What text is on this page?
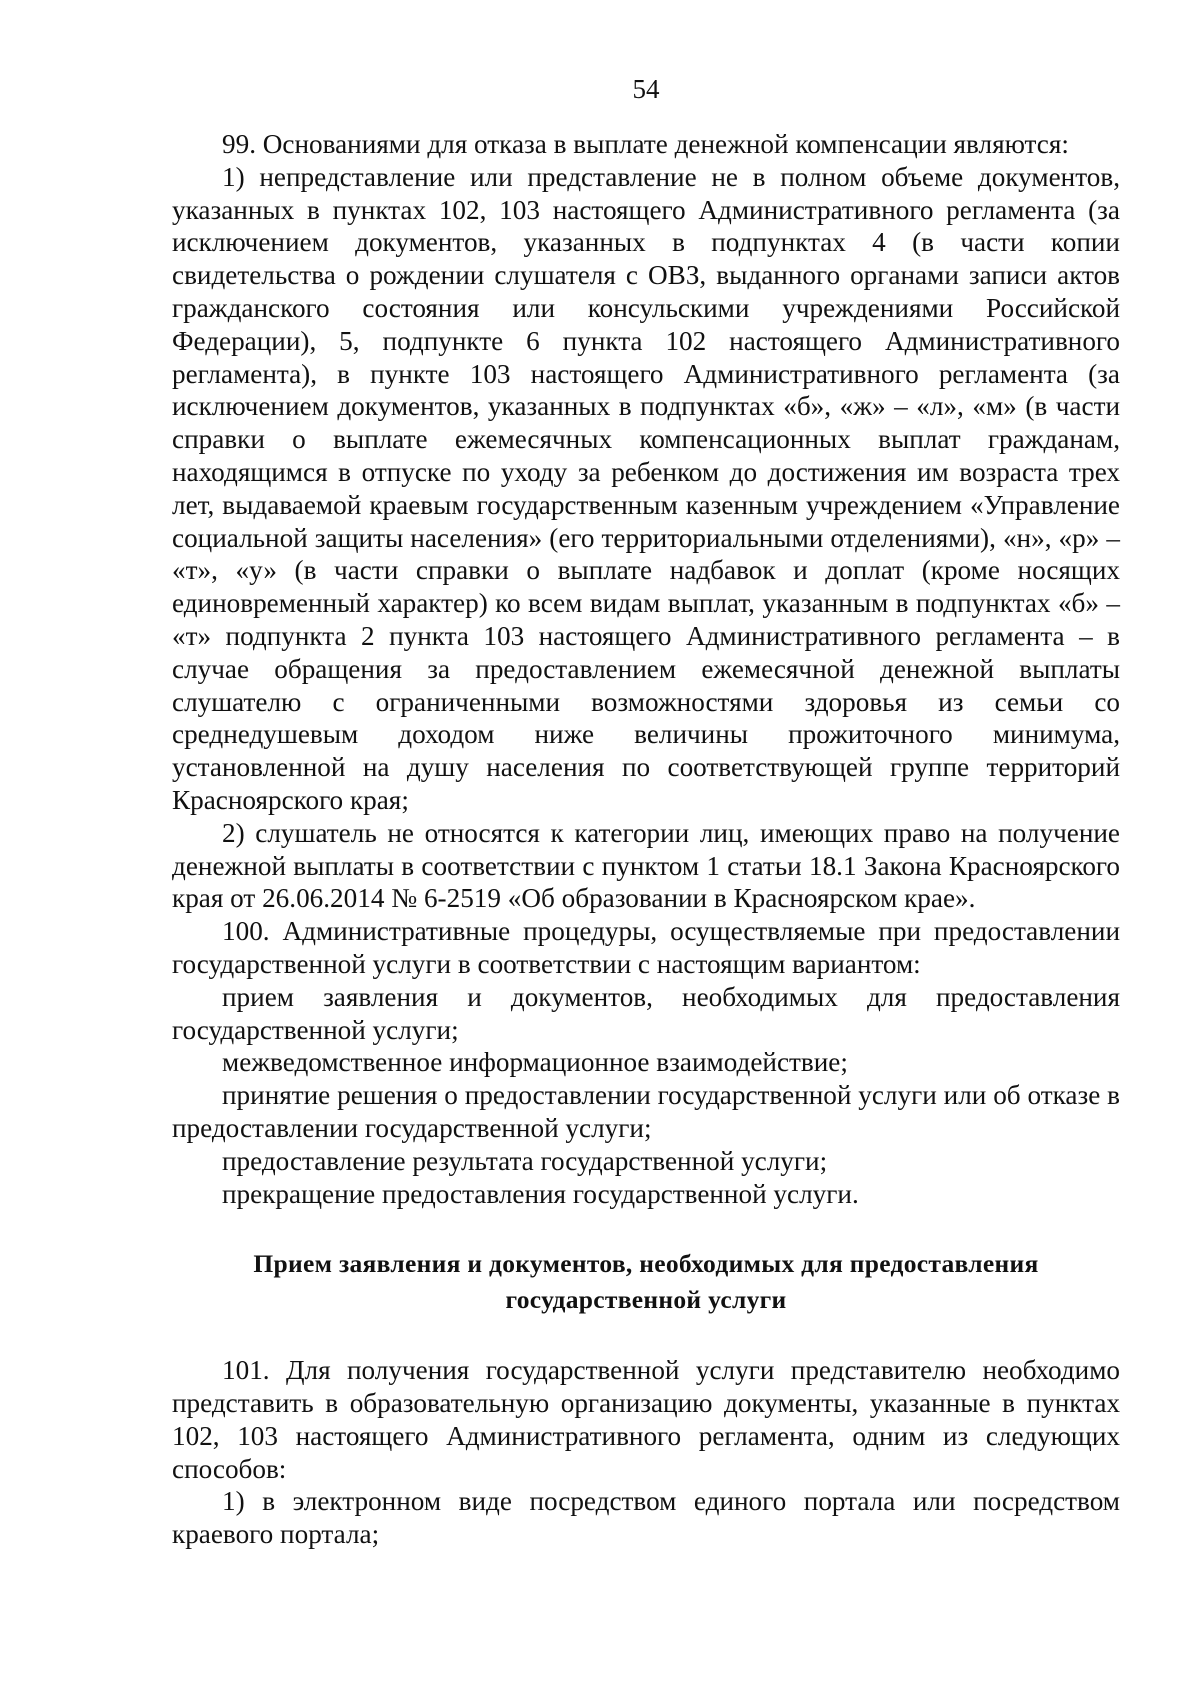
54

99. Основаниями для отказа в выплате денежной компенсации являются:

1) непредставление или представление не в полном объеме документов, указанных в пунктах 102, 103 настоящего Административного регламента (за исключением документов, указанных в подпунктах 4 (в части копии свидетельства о рождении слушателя с ОВЗ, выданного органами записи актов гражданского состояния или консульскими учреждениями Российской Федерации), 5, подпункте 6 пункта 102 настоящего Административного регламента), в пункте 103 настоящего Административного регламента (за исключением документов, указанных в подпунктах «б», «ж» – «л», «м» (в части справки о выплате ежемесячных компенсационных выплат гражданам, находящимся в отпуске по уходу за ребенком до достижения им возраста трех лет, выдаваемой краевым государственным казенным учреждением «Управление социальной защиты населения» (его территориальными отделениями), «н», «р» – «т», «у» (в части справки о выплате надбавок и доплат (кроме носящих единовременный характер) ко всем видам выплат, указанным в подпунктах «б» – «т» подпункта 2 пункта 103 настоящего Административного регламента – в случае обращения за предоставлением ежемесячной денежной выплаты слушателю с ограниченными возможностями здоровья из семьи со среднедушевым доходом ниже величины прожиточного минимума, установленной на душу населения по соответствующей группе территорий Красноярского края;

2) слушатель не относятся к категории лиц, имеющих право на получение денежной выплаты в соответствии с пунктом 1 статьи 18.1 Закона Красноярского края от 26.06.2014 № 6-2519 «Об образовании в Красноярском крае».

100. Административные процедуры, осуществляемые при предоставлении государственной услуги в соответствии с настоящим вариантом:

прием заявления и документов, необходимых для предоставления государственной услуги;

межведомственное информационное взаимодействие;

принятие решения о предоставлении государственной услуги или об отказе в предоставлении государственной услуги;

предоставление результата государственной услуги;

прекращение предоставления государственной услуги.

Прием заявления и документов, необходимых для предоставления государственной услуги

101. Для получения государственной услуги представителю необходимо представить в образовательную организацию документы, указанные в пунктах 102, 103 настоящего Административного регламента, одним из следующих способов:

1) в электронном виде посредством единого портала или посредством краевого портала;
